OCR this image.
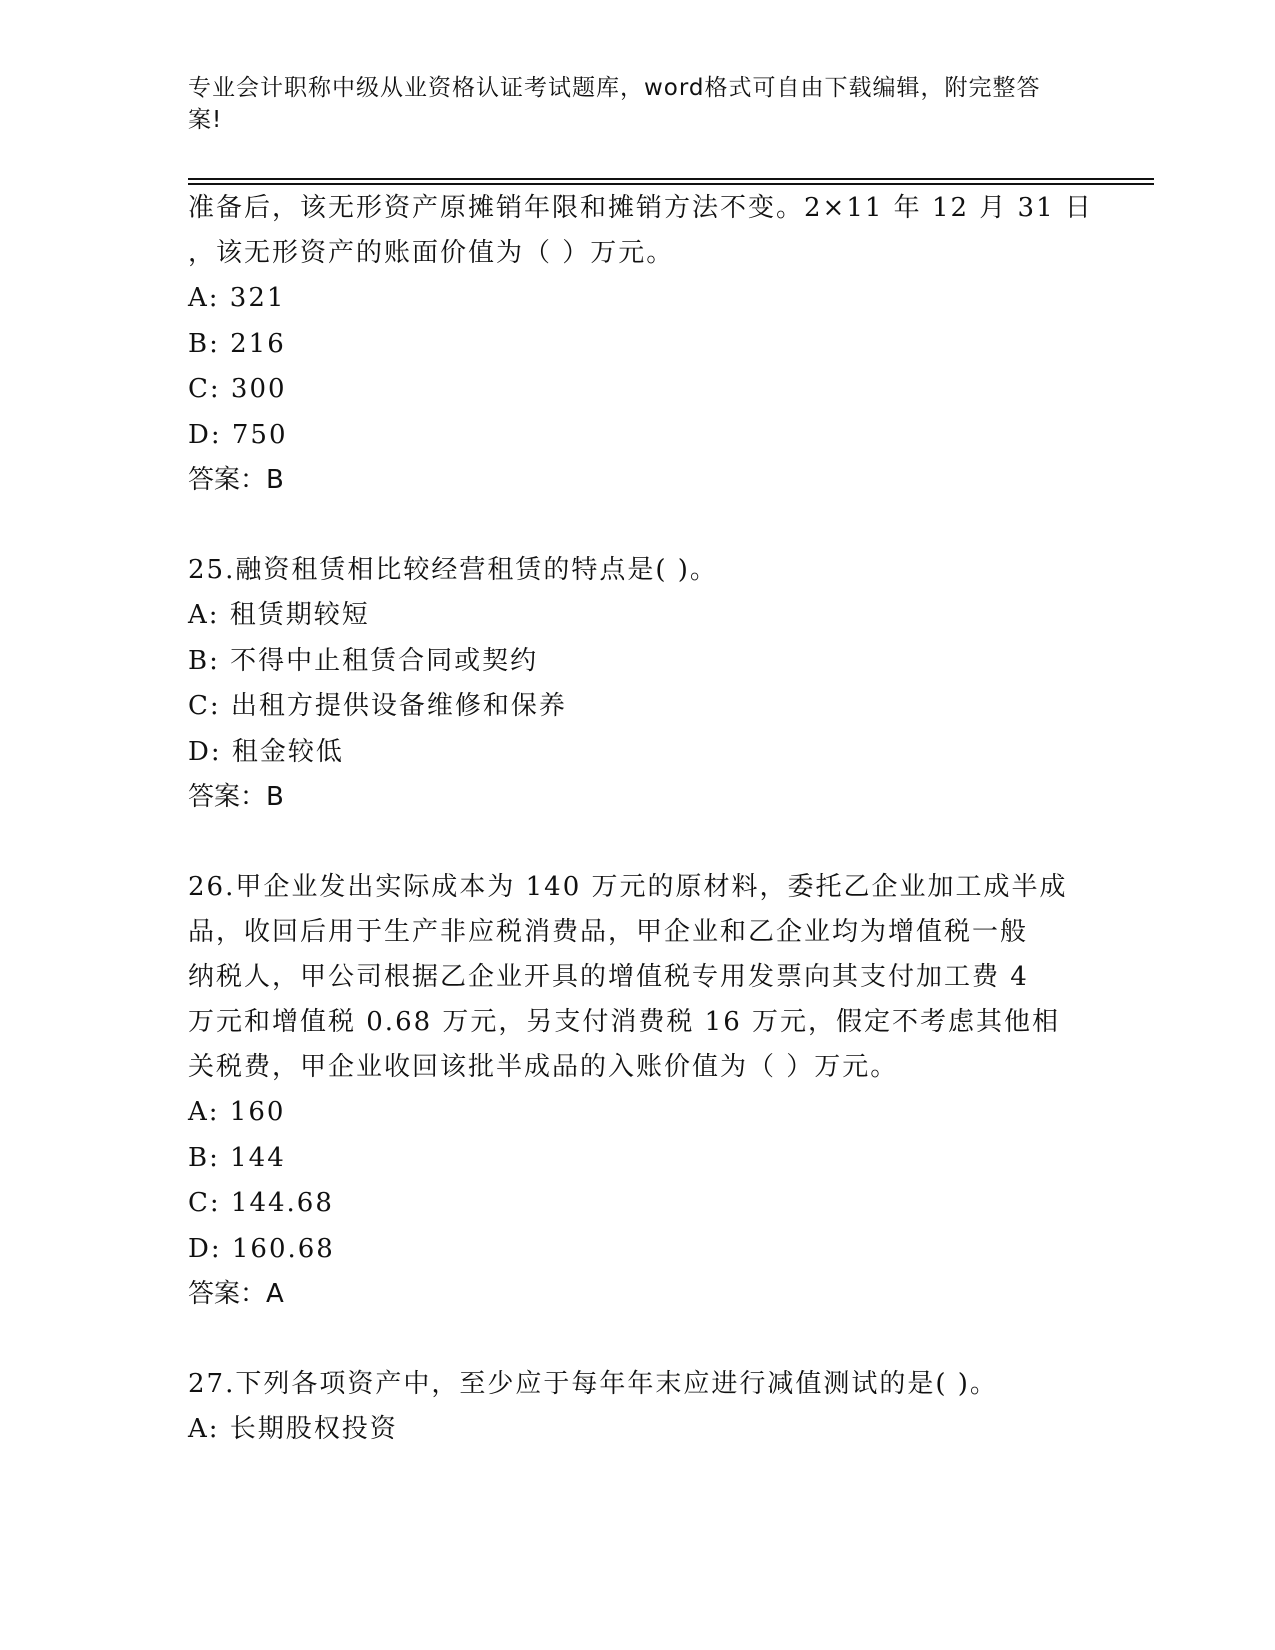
专业会计职称中级从业资格认证考试题库，word格式可自由下载编辑，附完整答
案!
准备后，该无形资产原摊销年限和摊销方法不变。2×11 年 12 月 31 日
，该无形资产的账面价值为（ ）万元。
A: 321
B: 216
C: 300
D: 750
答案：B
25.融资租赁相比较经营租赁的特点是( )。
A: 租赁期较短
B: 不得中止租赁合同或契约
C: 出租方提供设备维修和保养
D: 租金较低
答案：B
26.甲企业发出实际成本为 140 万元的原材料，委托乙企业加工成半成
品，收回后用于生产非应税消费品，甲企业和乙企业均为增值税一般
纳税人，甲公司根据乙企业开具的增值税专用发票向其支付加工费 4
万元和增值税 0.68 万元，另支付消费税 16 万元，假定不考虑其他相
关税费，甲企业收回该批半成品的入账价值为（ ）万元。
A: 160
B: 144
C: 144.68
D: 160.68
答案：A
27.下列各项资产中，至少应于每年年末应进行减值测试的是( )。
A: 长期股权投资
